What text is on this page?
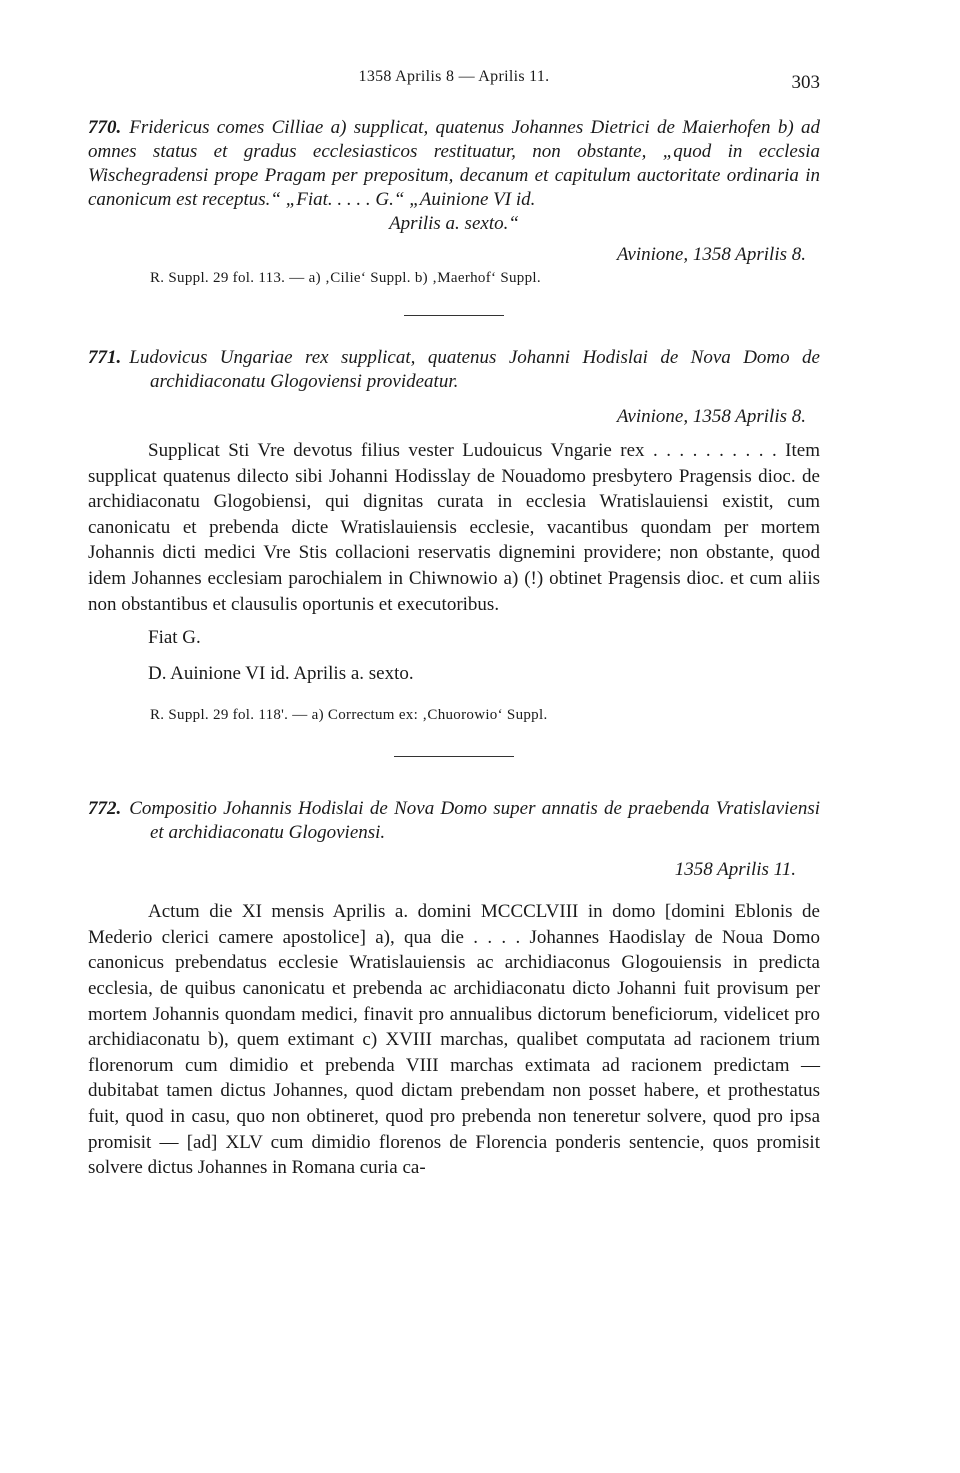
1358 Aprilis 8 — Aprilis 11.	303

770. Fridericus comes Cilliae a) supplicat, quatenus Johannes Dietrici de Maierhofen b) ad omnes status et gradus ecclesiasticos restituatur, non obstante, „quod in ecclesia Wischegradensi prope Pragam per prepositum, decanum et capitulum auctoritate ordinaria in canonicum est receptus.“ „Fiat. . . . . G.“ „Auinione VI id.
Aprilis a. sexto.“

Avinione, 1358 Aprilis 8.
R. Suppl. 29 fol. 113. — a) ‚Cilie‘ Suppl. b) ‚Maerhof‘ Suppl.

771. Ludovicus Ungariae rex supplicat, quatenus Johanni Hodislai de Nova Domo de archidiaconatu Glogoviensi provideatur.

Avinione, 1358 Aprilis 8.

Supplicat Sti Vre devotus filius vester Ludouicus Vngarie rex . . . . . . . . . . Item supplicat quatenus dilecto sibi Johanni Hodisslay de Nouadomo presbytero Pragensis dioc. de archidiaconatu Glogobiensi, qui dignitas curata in ecclesia Wratislauiensi existit, cum canonicatu et prebenda dicte Wratislauiensis ecclesie, vacantibus quondam per mortem Johannis dicti medici Vre Stis collacioni reservatis dignemini providere; non obstante, quod idem Johannes ecclesiam parochialem in Chiwnowio a) (!) obtinet Pragensis dioc. et cum aliis non obstantibus et clausulis oportunis et executoribus.

Fiat G.
D. Auinione VI id. Aprilis a. sexto.
R. Suppl. 29 fol. 118'. — a) Correctum ex: ‚Chuorowio‘ Suppl.

772. Compositio Johannis Hodislai de Nova Domo super annatis de praebenda Vratislaviensi et archidiaconatu Glogoviensi.

1358 Aprilis 11.

Actum die XI mensis Aprilis a. domini MCCCLVIII in domo [domini Eblonis de Mederio clerici camere apostolice] a), qua die . . . . Johannes Haodislay de Noua Domo canonicus prebendatus ecclesie Wratislauiensis ac archidiaconus Glogouiensis in predicta ecclesia, de quibus canonicatu et prebenda ac archidiaconatu dicto Johanni fuit provisum per mortem Johannis quondam medici, finavit pro annualibus dictorum beneficiorum, videlicet pro archidiaconatu b), quem extimant c) XVIII marchas, qualibet computata ad racionem trium florenorum cum dimidio et prebenda VIII marchas extimata ad racionem predictam — dubitabat tamen dictus Johannes, quod dictam prebendam non posset habere, et prothestatus fuit, quod in casu, quo non obtineret, quod pro prebenda non teneretur solvere, quod pro ipsa promisit — [ad] XLV cum dimidio florenos de Florencia ponderis sentencie, quos promisit solvere dictus Johannes in Romana curia ca-
